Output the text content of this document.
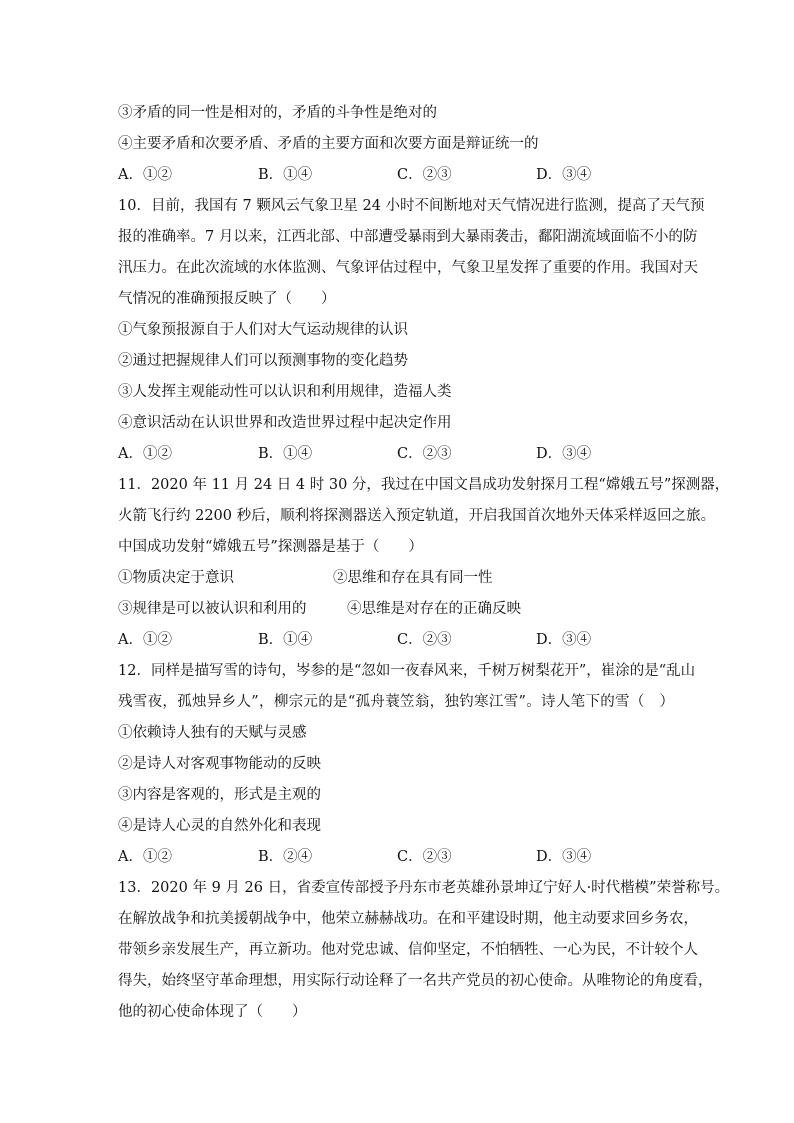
③矛盾的同一性是相对的，矛盾的斗争性是绝对的
④主要矛盾和次要矛盾、矛盾的主要方面和次要方面是辩证统一的
A．①②	B．①④	C．②③	D．③④
10．目前，我国有 7 颗风云气象卫星 24 小时不间断地对天气情况进行监测，提高了天气预
报的准确率。7 月以来，江西北部、中部遭受暴雨到大暴雨袭击，鄱阳湖流域面临不小的防
汛压力。在此次流域的水体监测、气象评估过程中，气象卫星发挥了重要的作用。我国对天
气情况的准确预报反映了（　　）
①气象预报源自于人们对大气运动规律的认识
②通过把握规律人们可以预测事物的变化趋势
③人发挥主观能动性可以认识和利用规律，造福人类
④意识活动在认识世界和改造世界过程中起决定作用
A．①②	B．①④	C．②③	D．③④
11．2020 年 11 月 24 日 4 时 30 分，我过在中国文昌成功发射探月工程“嫦娥五号”探测器，
火箭飞行约 2200 秒后，顺利将探测器送入预定轨道，开启我国首次地外天体采样返回之旅。
中国成功发射“嫦娥五号”探测器是基于（　　）
①物质决定于意识	②思维和存在具有同一性
③规律是可以被认识和利用的	④思维是对存在的正确反映
A．①②	B．①④	C．②③	D．③④
12．同样是描写雪的诗句，岑参的是“忽如一夜春风来，千树万树梨花开”，崔涂的是“乱山
残雪夜，孤烛异乡人”，柳宗元的是“孤舟蓑笠翁，独钓寒江雪”。诗人笔下的雪（　）
①依赖诗人独有的天赋与灵感
②是诗人对客观事物能动的反映
③内容是客观的，形式是主观的
④是诗人心灵的自然外化和表现
A．①②	B．②④	C．②③	D．③④
13．2020 年 9 月 26 日，省委宣传部授予丹东市老英雄孙景坤辽宁好人·时代楷模”荣誉称号。
在解放战争和抗美援朝战争中，他荣立赫赫战功。在和平建设时期，他主动要求回乡务农，
带领乡亲发展生产，再立新功。他对党忠诚、信仰坚定，不怕牺牲、一心为民，不计较个人
得失，始终坚守革命理想，用实际行动诠释了一名共产党员的初心使命。从唯物论的角度看，
他的初心使命体现了（　　）
